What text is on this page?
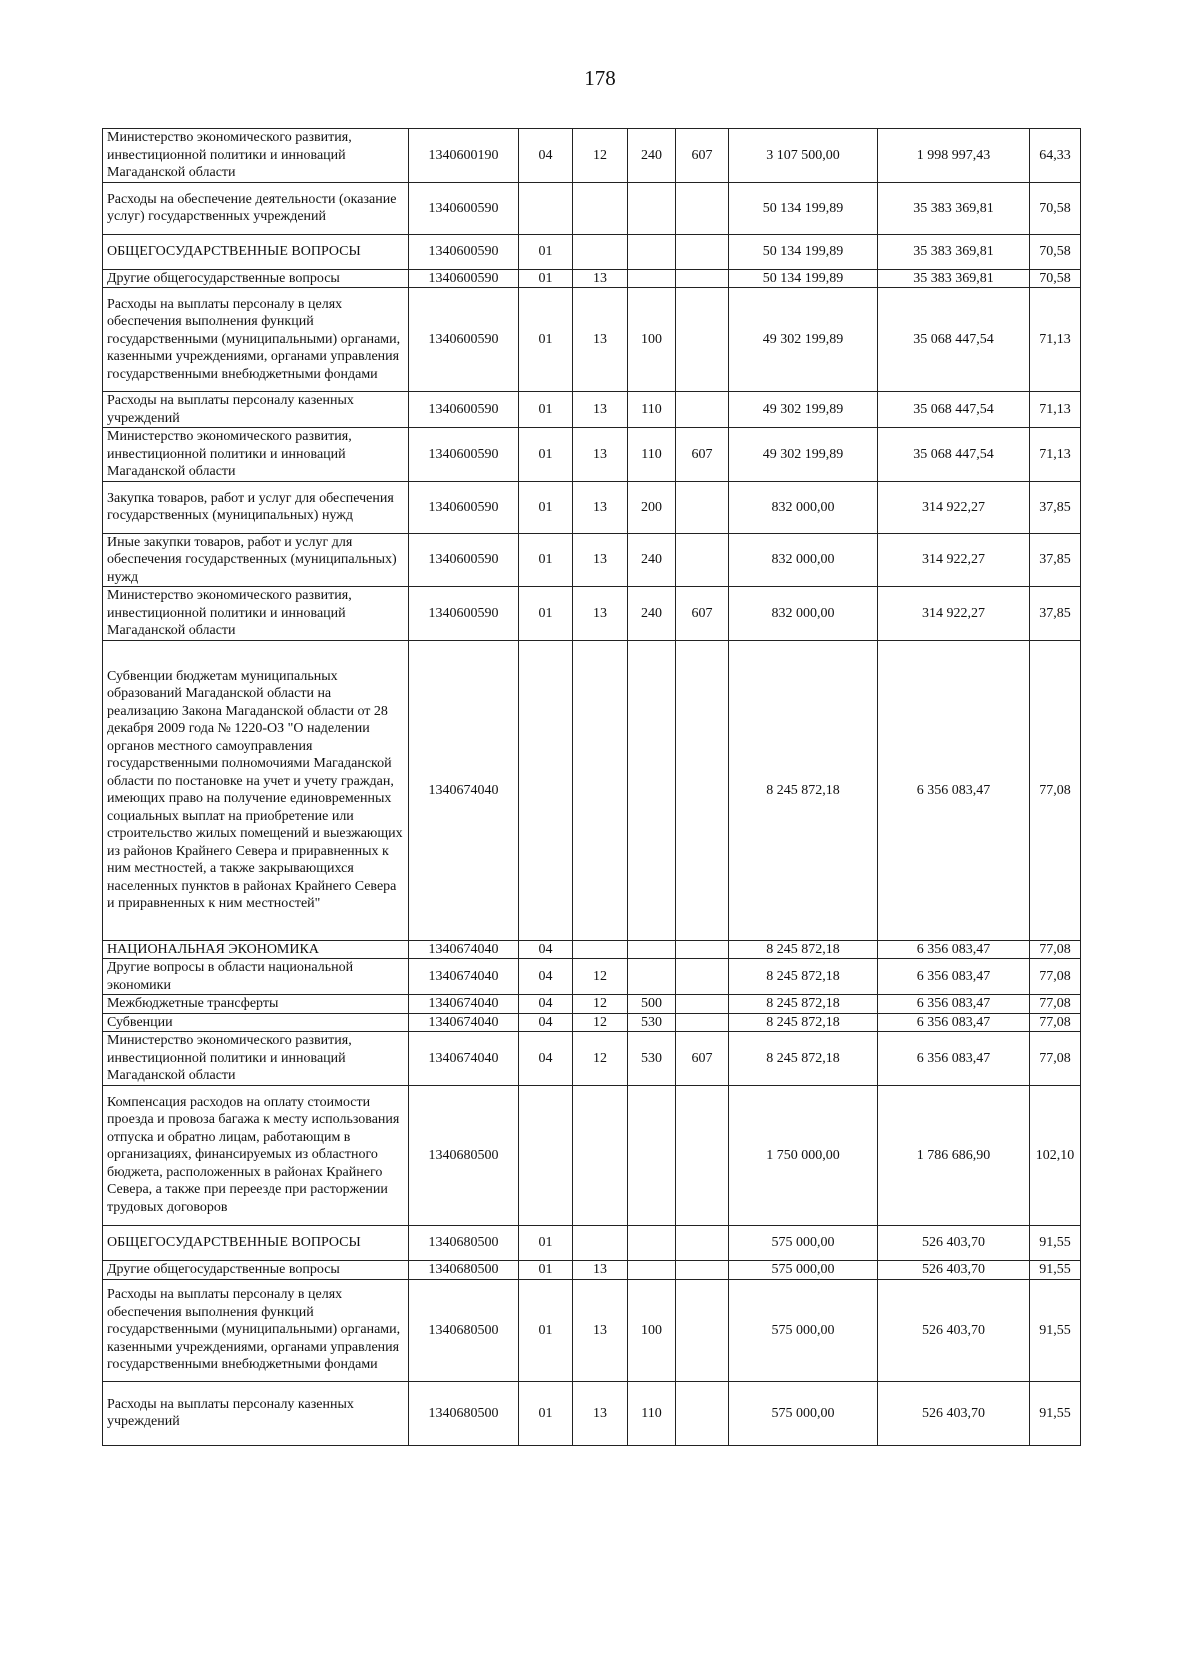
178
Министерство экономического развития, инвестиционной политики и инноваций Магаданской области	1340600190	04	12	240	607	3 107 500,00	1 998 997,43	64,33
Расходы на обеспечение деятельности (оказание услуг) государственных учреждений	1340600590					50 134 199,89	35 383 369,81	70,58
ОБЩЕГОСУДАРСТВЕННЫЕ ВОПРОСЫ	1340600590	01				50 134 199,89	35 383 369,81	70,58
Другие общегосударственные вопросы	1340600590	01	13			50 134 199,89	35 383 369,81	70,58
Расходы на выплаты персоналу в целях обеспечения выполнения функций государственными (муниципальными) органами, казенными учреждениями, органами управления государственными внебюджетными фондами	1340600590	01	13	100		49 302 199,89	35 068 447,54	71,13
Расходы на выплаты персоналу казенных учреждений	1340600590	01	13	110		49 302 199,89	35 068 447,54	71,13
Министерство экономического развития, инвестиционной политики и инноваций Магаданской области	1340600590	01	13	110	607	49 302 199,89	35 068 447,54	71,13
Закупка товаров, работ и услуг для обеспечения государственных (муниципальных) нужд	1340600590	01	13	200		832 000,00	314 922,27	37,85
Иные закупки товаров, работ и услуг для обеспечения государственных (муниципальных) нужд	1340600590	01	13	240		832 000,00	314 922,27	37,85
Министерство экономического развития, инвестиционной политики и инноваций Магаданской области	1340600590	01	13	240	607	832 000,00	314 922,27	37,85
Субвенции бюджетам муниципальных образований Магаданской области на реализацию Закона Магаданской области от 28 декабря 2009 года № 1220-ОЗ "О наделении органов местного самоуправления государственными полномочиями Магаданской области по постановке на учет и учету граждан, имеющих право на получение единовременных социальных выплат на приобретение или строительство жилых помещений и выезжающих из районов Крайнего Севера и приравненных к ним местностей, а также закрывающихся населенных пунктов в районах Крайнего Севера и приравненных к ним местностей"	1340674040					8 245 872,18	6 356 083,47	77,08
НАЦИОНАЛЬНАЯ ЭКОНОМИКА	1340674040	04				8 245 872,18	6 356 083,47	77,08
Другие вопросы в области национальной экономики	1340674040	04	12			8 245 872,18	6 356 083,47	77,08
Межбюджетные трансферты	1340674040	04	12	500		8 245 872,18	6 356 083,47	77,08
Субвенции	1340674040	04	12	530		8 245 872,18	6 356 083,47	77,08
Министерство экономического развития, инвестиционной политики и инноваций Магаданской области	1340674040	04	12	530	607	8 245 872,18	6 356 083,47	77,08
Компенсация расходов на оплату стоимости проезда и провоза багажа к месту использования отпуска и обратно лицам, работающим в организациях, финансируемых из областного бюджета, расположенных в районах Крайнего Севера, а также при переезде при расторжении трудовых договоров	1340680500					1 750 000,00	1 786 686,90	102,10
ОБЩЕГОСУДАРСТВЕННЫЕ ВОПРОСЫ	1340680500	01				575 000,00	526 403,70	91,55
Другие общегосударственные вопросы	1340680500	01	13			575 000,00	526 403,70	91,55
Расходы на выплаты персоналу в целях обеспечения выполнения функций государственными (муниципальными) органами, казенными учреждениями, органами управления государственными внебюджетными фондами	1340680500	01	13	100		575 000,00	526 403,70	91,55
Расходы на выплаты персоналу казенных учреждений	1340680500	01	13	110		575 000,00	526 403,70	91,55
